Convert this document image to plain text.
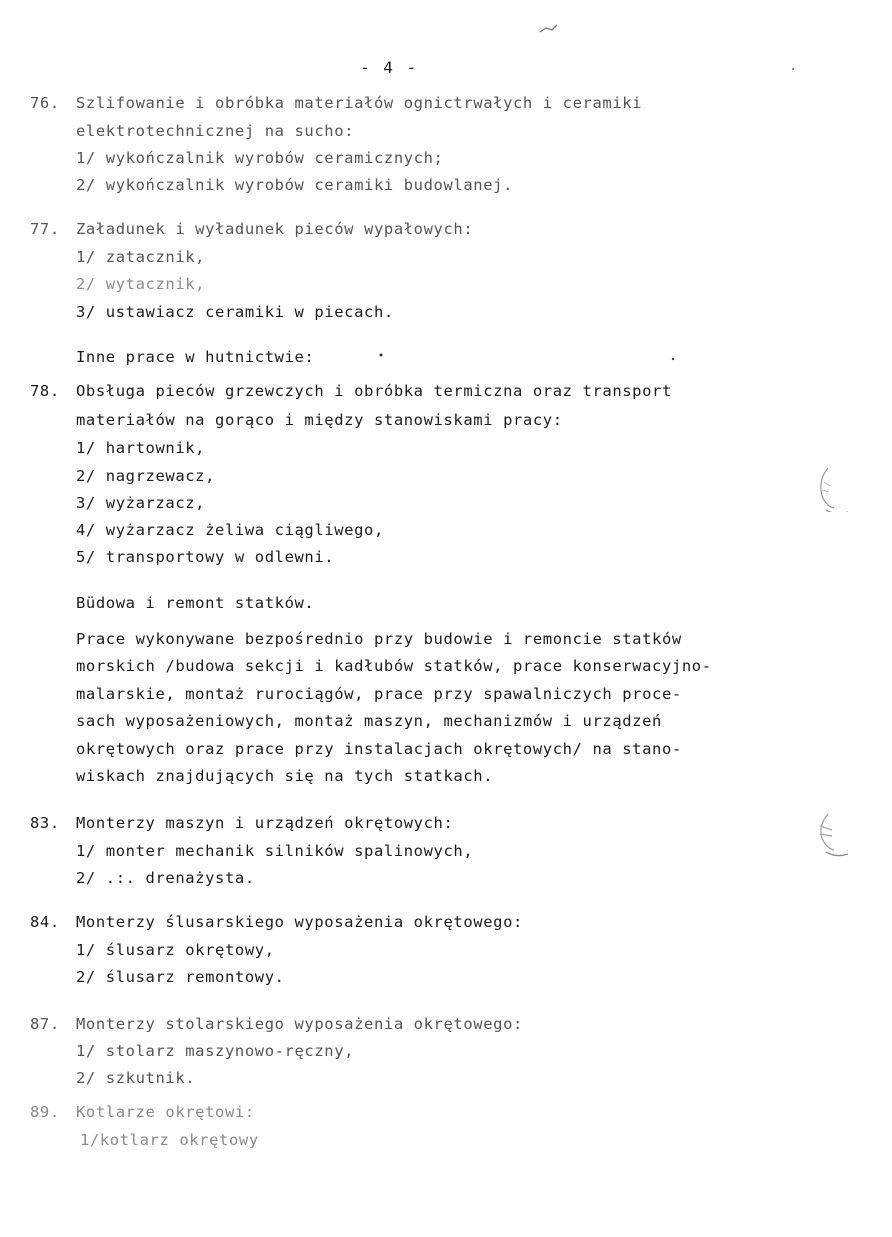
- 4 -
76. Szlifowanie i obróbka materiałów ognictrwałych i ceramiki
elektrotechnicznej na sucho:
1/ wykończalnik wyrobów ceramicznych;
2/ wykończalnik wyrobów ceramiki budowlanej.
77. Załadunek i wyładunek pieców wypałowych:
1/ zatacznik,
2/ wytacznik,
3/ ustawiacz ceramiki w piecach.
Inne prace w hutnictwie:
78. Obsługa pieców grzewczych i obróbka termiczna oraz transport
materiałów na gorąco i między stanowiskami pracy:
1/ hartownik,
2/ nagrzewacz,
3/ wyżarzacz,
4/ wyżarzacz żeliwa ciągliwego,
5/ transportowy w odlewni.
Büdowa i remont statków.
Prace wykonywane bezpośrednio przy budowie i remoncie statków
morskich /budowa sekcji i kadłubów statków, prace konserwacyjno-
malarskie, montaż rurociągów, prace przy spawalniczych proce-
sach wyposażeniowych, montaż maszyn, mechanizmów i urządzeń
okrętowych oraz prace przy instalacjach okrętowych/ na stano-
wiskach znajdujących się na tych statkach.
83. Monterzy maszyn i urządzeń okrętowych:
1/ monter mechanik silników spalinowych,
2/ .:. drenażysta.
84. Monterzy ślusarskiego wyposażenia okrętowego:
1/ ślusarz okrętowy,
2/ ślusarz remontowy.
87. Monterzy stolarskiego wyposażenia okrętowego:
1/ stolarz maszynowo-ręczny,
2/ szkutnik.
89. Kotlarze okrętowi:
1/kotlarz okrętowy
